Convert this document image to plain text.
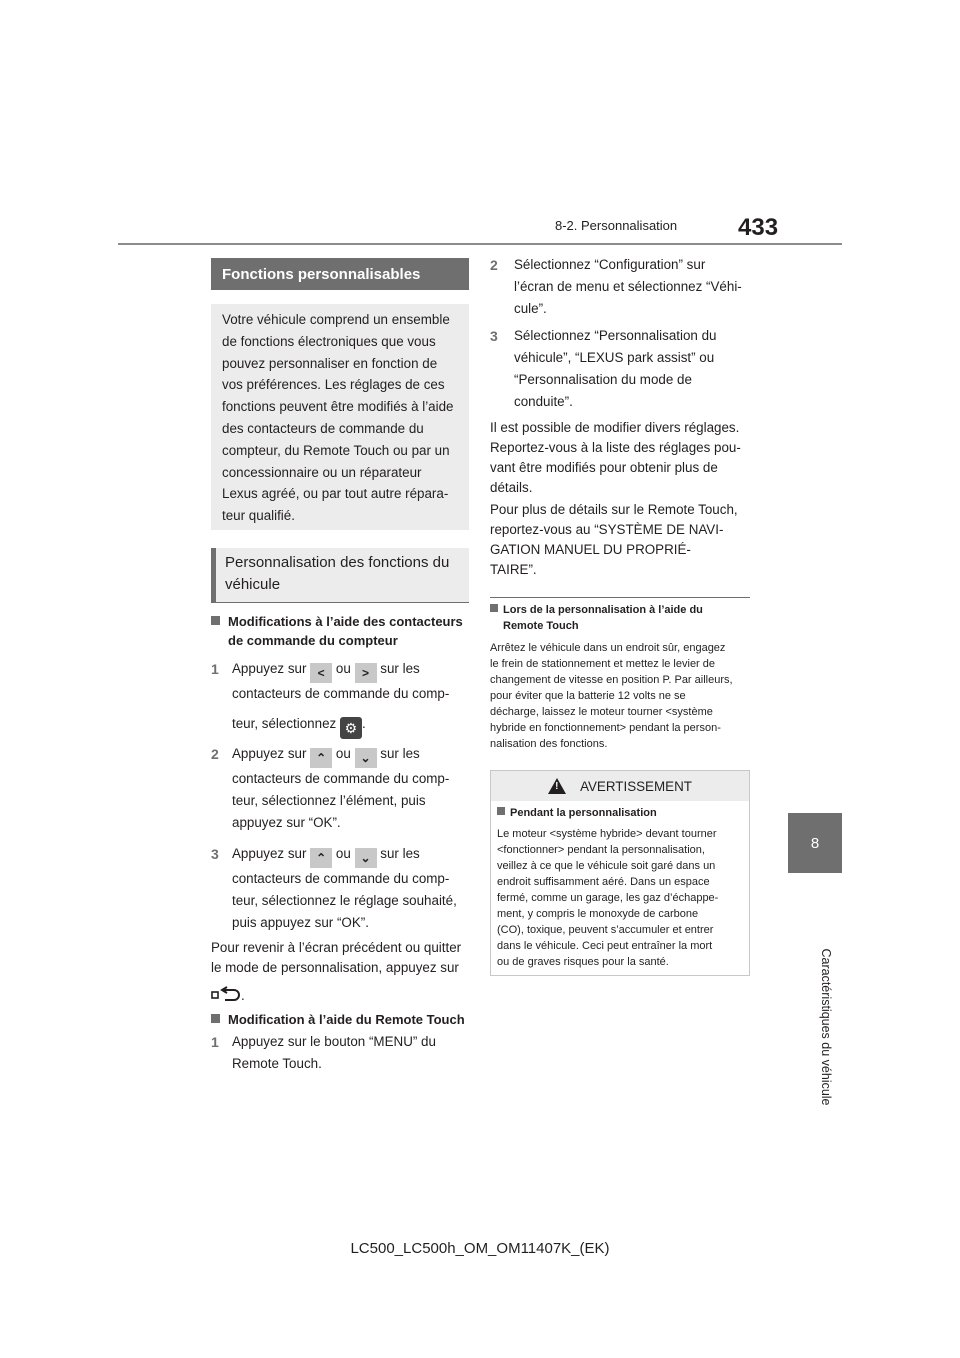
8-2. Personnalisation	433
8
Caractéristiques du véhicule
Fonctions personnalisables
Votre véhicule comprend un ensemble
de fonctions électroniques que vous
pouvez personnaliser en fonction de
vos préférences. Les réglages de ces
fonctions peuvent être modifiés à l’aide
des contacteurs de commande du
compteur, du Remote Touch ou par un
concessionnaire ou un réparateur
Lexus agréé, ou par tout autre répara-
teur qualifié.
Personnalisation des fonctions du
véhicule
Modifications à l’aide des contacteurs
de commande du compteur
1 Appuyez sur < ou > sur les
contacteurs de commande du comp-
teur, sélectionnez ⚙ .
2 Appuyez sur ⌃ ou ⌄ sur les
contacteurs de commande du comp-
teur, sélectionnez l’élément, puis
appuyez sur “OK”.
3 Appuyez sur ⌃ ou ⌄ sur les
contacteurs de commande du comp-
teur, sélectionnez le réglage souhaité,
puis appuyez sur “OK”.
Pour revenir à l’écran précédent ou quitter
le mode de personnalisation, appuyez sur
.
Modification à l’aide du Remote Touch
1 Appuyez sur le bouton “MENU” du
Remote Touch.
2	Sélectionnez “Configuration” sur
l’écran de menu et sélectionnez “Véhi-
cule”.
3	Sélectionnez “Personnalisation du
véhicule”, “LEXUS park assist” ou
“Personnalisation du mode de
conduite”.
Il est possible de modifier divers réglages.
Reportez-vous à la liste des réglages pou-
vant être modifiés pour obtenir plus de
détails.
Pour plus de détails sur le Remote Touch,
reportez-vous au “SYSTÈME DE NAVI-
GATION MANUEL DU PROPRIÉ-
TAIRE”.
Lors de la personnalisation à l’aide du
Remote Touch
Arrêtez le véhicule dans un endroit sûr, engagez
le frein de stationnement et mettez le levier de
changement de vitesse en position P. Par ailleurs,
pour éviter que la batterie 12 volts ne se
décharge, laissez le moteur tourner <système
hybride en fonctionnement> pendant la person-
nalisation des fonctions.
! AVERTISSEMENT
Pendant la personnalisation
Le moteur <système hybride> devant tourner
<fonctionner> pendant la personnalisation,
veillez à ce que le véhicule soit garé dans un
endroit suffisamment aéré. Dans un espace
fermé, comme un garage, les gaz d’échappe-
ment, y compris le monoxyde de carbone
(CO), toxique, peuvent s’accumuler et entrer
dans le véhicule. Ceci peut entraîner la mort
ou de graves risques pour la santé.
LC500_LC500h_OM_OM11407K_(EK)
